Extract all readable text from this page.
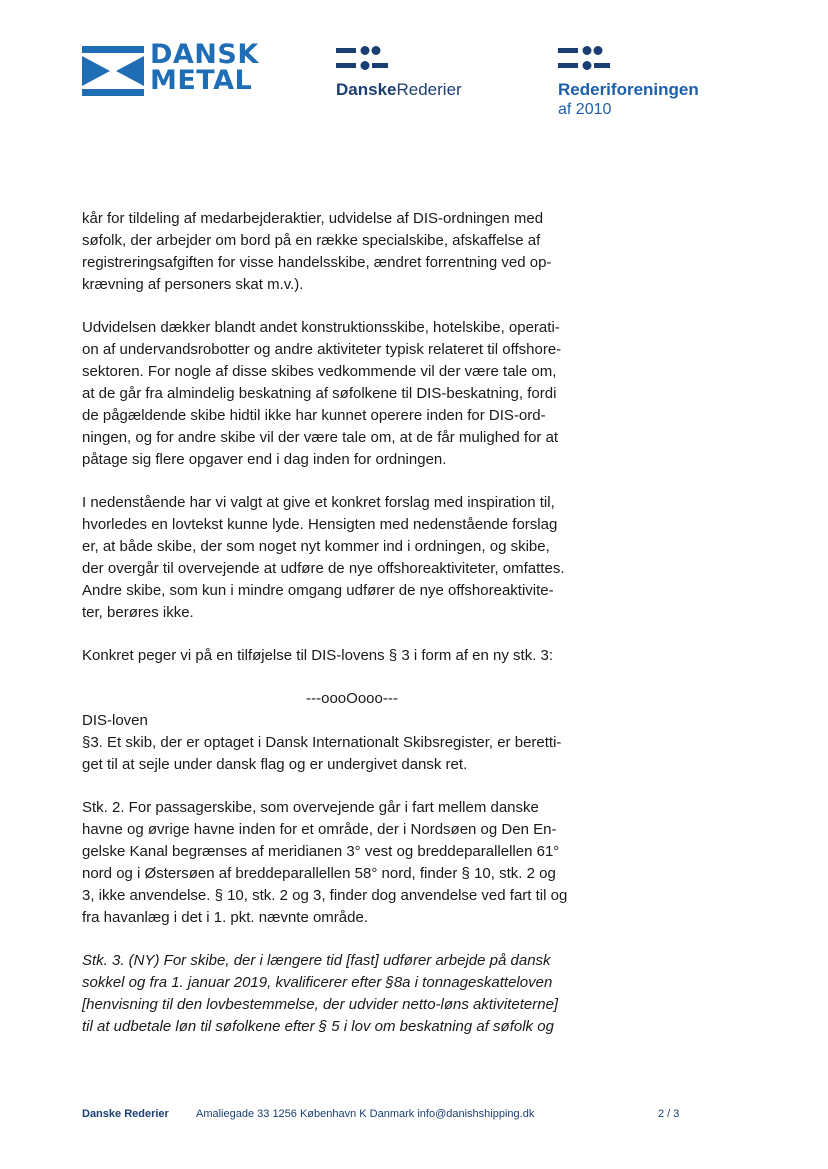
DANSK
METAL	DanskeRederier	Rederiforeningen
af 2010

kår for tildeling af medarbejderaktier, udvidelse af DIS-ordningen med
søfolk, der arbejder om bord på en række specialskibe, afskaffelse af
registreringsafgiften for visse handelsskibe, ændret forrentning ved op-
krævning af personers skat m.v.).

Udvidelsen dækker blandt andet konstruktionsskibe, hotelskibe, operati-
on af undervandsrobotter og andre aktiviteter typisk relateret til offshore-
sektoren. For nogle af disse skibes vedkommende vil der være tale om,
at de går fra almindelig beskatning af søfolkene til DIS-beskatning, fordi
de pågældende skibe hidtil ikke har kunnet operere inden for DIS-ord-
ningen, og for andre skibe vil der være tale om, at de får mulighed for at
påtage sig flere opgaver end i dag inden for ordningen.

I nedenstående har vi valgt at give et konkret forslag med inspiration til,
hvorledes en lovtekst kunne lyde. Hensigten med nedenstående forslag
er, at både skibe, der som noget nyt kommer ind i ordningen, og skibe,
der overgår til overvejende at udføre de nye offshoreaktiviteter, omfattes.
Andre skibe, som kun i mindre omgang udfører de nye offshoreaktivite-
ter, berøres ikke.

Konkret peger vi på en tilføjelse til DIS-lovens § 3 i form af en ny stk. 3:

---oooOooo---

DIS-loven

§3. Et skib, der er optaget i Dansk Internationalt Skibsregister, er beretti-
get til at sejle under dansk flag og er undergivet dansk ret.

Stk. 2. For passagerskibe, som overvejende går i fart mellem danske
havne og øvrige havne inden for et område, der i Nordsøen og Den En-
gelske Kanal begrænses af meridianen 3° vest og breddeparallellen 61°
nord og i Østersøen af breddeparallellen 58° nord, finder § 10, stk. 2 og
3, ikke anvendelse. § 10, stk. 2 og 3, finder dog anvendelse ved fart til og
fra havanlæg i det i 1. pkt. nævnte område.

Stk. 3. (NY) For skibe, der i længere tid [fast] udfører arbejde på dansk
sokkel og fra 1. januar 2019, kvalificerer efter §8a i tonnageskatteloven
[henvisning til den lovbestemmelse, der udvider netto-løns aktiviteterne]
til at udbetale løn til søfolkene efter § 5 i lov om beskatning af søfolk og

Danske Rederier Amaliegade 33 1256 København K Danmark info@danishshipping.dk	2 / 3
